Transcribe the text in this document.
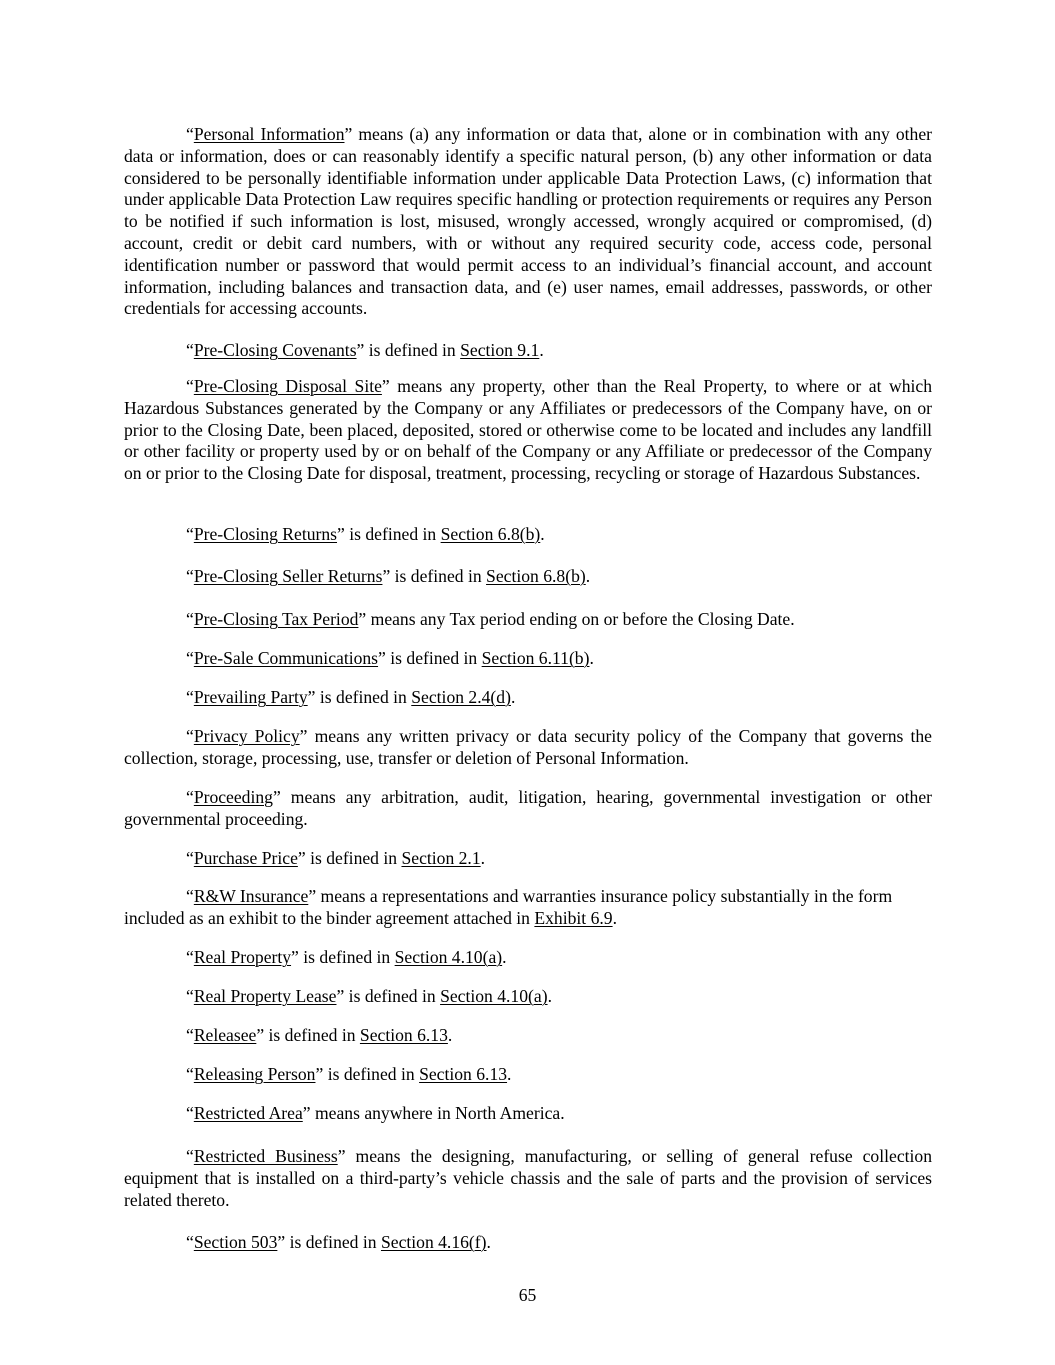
“Personal Information” means (a) any information or data that, alone or in combination with any other data or information, does or can reasonably identify a specific natural person, (b) any other information or data considered to be personally identifiable information under applicable Data Protection Laws, (c) information that under applicable Data Protection Law requires specific handling or protection requirements or requires any Person to be notified if such information is lost, misused, wrongly accessed, wrongly acquired or compromised, (d) account, credit or debit card numbers, with or without any required security code, access code, personal identification number or password that would permit access to an individual’s financial account, and account information, including balances and transaction data, and (e) user names, email addresses, passwords, or other credentials for accessing accounts.

“Pre-Closing Covenants” is defined in Section 9.1.

“Pre-Closing Disposal Site” means any property, other than the Real Property, to where or at which Hazardous Substances generated by the Company or any Affiliates or predecessors of the Company have, on or prior to the Closing Date, been placed, deposited, stored or otherwise come to be located and includes any landfill or other facility or property used by or on behalf of the Company or any Affiliate or predecessor of the Company on or prior to the Closing Date for disposal, treatment, processing, recycling or storage of Hazardous Substances.

“Pre-Closing Returns” is defined in Section 6.8(b).

“Pre-Closing Seller Returns” is defined in Section 6.8(b).

“Pre-Closing Tax Period” means any Tax period ending on or before the Closing Date.

“Pre-Sale Communications” is defined in Section 6.11(b).

“Prevailing Party” is defined in Section 2.4(d).

“Privacy Policy” means any written privacy or data security policy of the Company that governs the collection, storage, processing, use, transfer or deletion of Personal Information.

“Proceeding” means any arbitration, audit, litigation, hearing, governmental investigation or other governmental proceeding.

“Purchase Price” is defined in Section 2.1.

“R&W Insurance” means a representations and warranties insurance policy substantially in the form included as an exhibit to the binder agreement attached in Exhibit 6.9.

“Real Property” is defined in Section 4.10(a).

“Real Property Lease” is defined in Section 4.10(a).

“Releasee” is defined in Section 6.13.

“Releasing Person” is defined in Section 6.13.

“Restricted Area” means anywhere in North America.

“Restricted Business” means the designing, manufacturing, or selling of general refuse collection equipment that is installed on a third-party’s vehicle chassis and the sale of parts and the provision of services related thereto.

“Section 503” is defined in Section 4.16(f).

65
